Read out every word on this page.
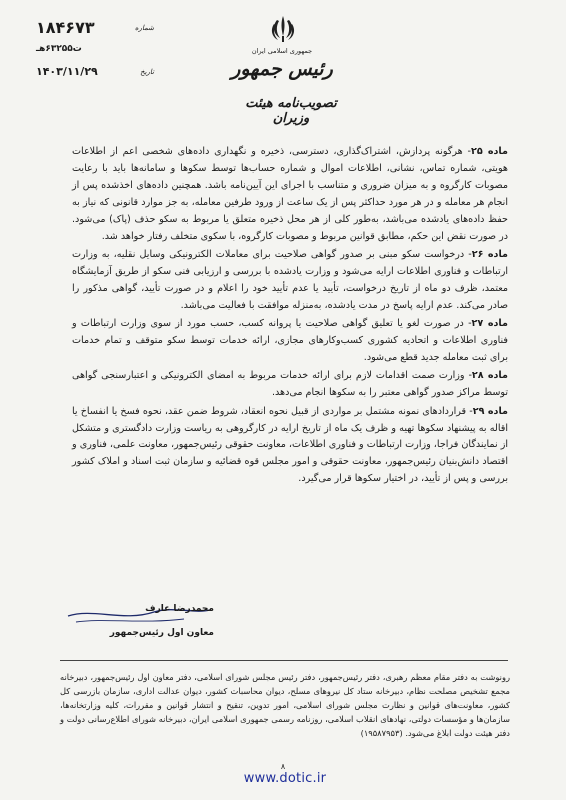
جمهوری اسلامی ایران
رئیس جمهور
تصویب‌نامه هیئت وزیران
شماره
۱۸۴۶۷۳
ت۶۳۲۵۵هـ
تاریخ
۱۴۰۳/۱۱/۲۹

ماده ۲۵- هرگونه پردازش، اشتراک‌گذاری، دسترسی، ذخیره و نگهداری داده‌های شخصی اعم از اطلاعات هویتی، شماره تماس، نشانی، اطلاعات اموال و شماره حساب‌ها توسط سکوها و سامانه‌ها باید با رعایت مصوبات کارگروه و به میزان ضروری و متناسب با اجرای این آیین‌نامه باشد. همچنین داده‌های اخذشده پس از انجام هر معامله و در هر مورد حداکثر پس از یک ساعت از ورود طرفین معامله، به جز موارد قانونی که نیاز به حفظ داده‌های یادشده می‌باشد، به‌طور کلی از هر محل ذخیره متعلق یا مربوط به سکو حذف (پاک) می‌شود. در صورت نقض این حکم، مطابق قوانین مربوط و مصوبات کارگروه، با سکوی متخلف رفتار خواهد شد.

ماده ۲۶- درخواست سکو مبنی بر صدور گواهی صلاحیت برای معاملات الکترونیکی وسایل نقلیه، به وزارت ارتباطات و فناوری اطلاعات ارایه می‌شود و وزارت یادشده با بررسی و ارزیابی فنی سکو از طریق آزمایشگاه معتمد، ظرف دو ماه از تاریخ درخواست، تأیید یا عدم تأیید خود را اعلام و در صورت تأیید، گواهی مذکور را صادر می‌کند. عدم ارایه پاسخ در مدت یادشده، به‌منزله موافقت با فعالیت می‌باشد.

ماده ۲۷- در صورت لغو یا تعلیق گواهی صلاحیت یا پروانه کسب، حسب مورد از سوی وزارت ارتباطات و فناوری اطلاعات و اتحادیه کشوری کسب‌وکارهای مجازی، ارائه خدمات توسط سکو متوقف و تمام خدمات برای ثبت معامله جدید قطع می‌شود.

ماده ۲۸- وزارت صمت اقدامات لازم برای ارائه خدمات مربوط به امضای الکترونیکی و اعتبارسنجی گواهی توسط مراکز صدور گواهی معتبر را به سکوها انجام می‌دهد.

ماده ۲۹- قراردادهای نمونه مشتمل بر مواردی از قبیل نحوه انعقاد، شروط ضمن عقد، نحوه فسخ یا انفساخ یا اقاله به پیشنهاد سکوها تهیه و ظرف یک ماه از تاریخ ارایه در کارگروهی به ریاست وزارت دادگستری و متشکل از نمایندگان فراجا، وزارت ارتباطات و فناوری اطلاعات، معاونت حقوقی رئیس‌جمهور، معاونت علمی، فناوری و اقتصاد دانش‌بنیان رئیس‌جمهور، معاونت حقوقی و امور مجلس قوه قضائیه و سازمان ثبت اسناد و املاک کشور بررسی و پس از تأیید، در اختیار سکوها قرار می‌گیرد.

محمدرضا عارف
معاون اول رئیس‌جمهور
رونوشت به دفتر مقام معظم رهبری، دفتر رئیس‌جمهور، دفتر رئیس مجلس شورای اسلامی، دفتر معاون اول رئیس‌جمهور، دبیرخانه مجمع تشخیص مصلحت نظام، دبیرخانه ستاد کل نیروهای مسلح، دیوان محاسبات کشور، دیوان عدالت اداری، سازمان بازرسی کل کشور، معاونت‌های قوانین و نظارت مجلس شورای اسلامی، امور تدوین، تنقیح و انتشار قوانین و مقررات، کلیه وزارتخانه‌ها، سازمان‌ها و مؤسسات دولتی، نهادهای انقلاب اسلامی، روزنامه رسمی جمهوری اسلامی ایران، دبیرخانه شورای اطلاع‌رسانی دولت و دفتر هیئت دولت ابلاغ می‌شود. (۱۹۵۸۷۹۵۳)
۸
www.dotic.ir
